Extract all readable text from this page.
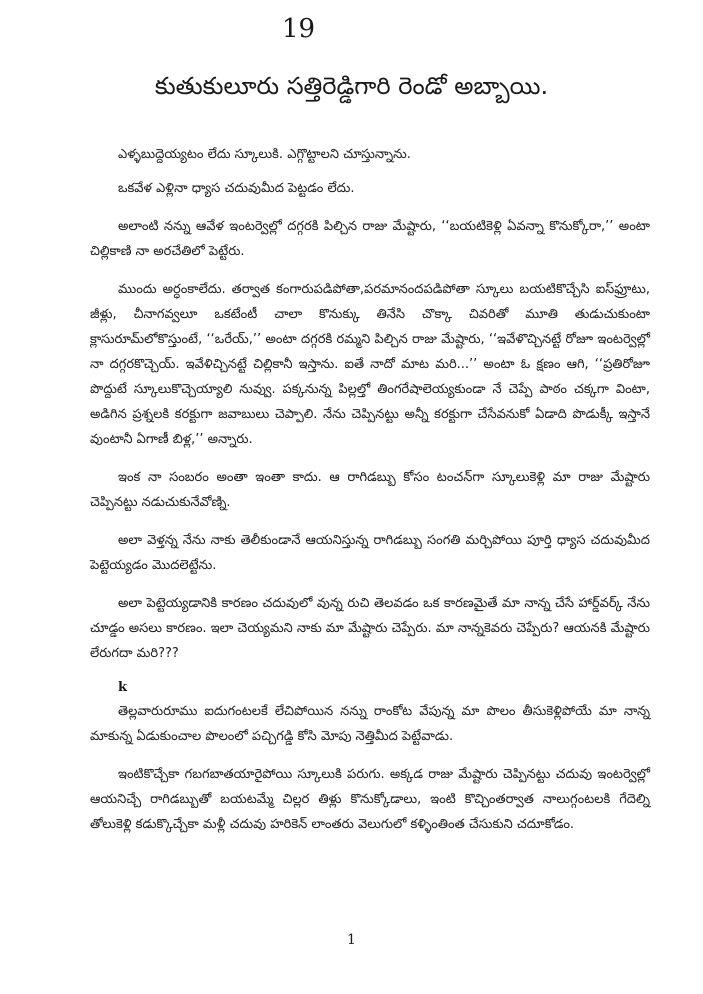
19
కుతుకులూరు సత్తిరెడ్డిగారి రెండో అబ్బాయి.

ఎళ్ళబుద్దెయ్యటం లేదు స్కూలుకి. ఎగ్గొట్టాలని చూస్తున్నాను.

ఒకవేళ ఎళ్లినా ధ్యాస చదువుమీద పెట్టడం లేదు.

అలాంటి నన్ను ఆవేళ ఇంటర్వెల్లో దగ్గరకి పిల్చిన రాజు మేష్టారు, ‘‘బయటికెళ్లి ఏవన్నా కొనుక్కోరా,’’ అంటా చిల్లికాణి నా అరచేతిలో పెట్టేరు.

ముందు అర్ధంకాలేదు. తర్వాత కంగారుపడిపోతా,పరమానందపడిపోతా స్కూలు బయటికొచ్చేసి ఐస్‌ఫ్రూటు, జీళ్లు, చీనాగవ్వలూ ఒకటేంటీ చాలా కొనుక్కు తినేసి చొక్కా చివరితో మూతి తుడుచుకుంటా క్లాసురూమ్‌లోకొస్తుంటే, ‘‘ఒరేయ్,’’ అంటా దగ్గరకి రమ్మని పిల్చిన రాజు మేష్టారు, ‘‘ఇవేళొచ్చినట్టే రోజూ ఇంటర్వెల్లో నా దగ్గరకొచ్చెయ్. ఇవేళిచ్చినట్టే చిల్లికానీ ఇస్తాను. ఐతే నాదో మాట మరి...’’ అంటా ఓ క్షణం ఆగి, ‘‘ప్రతిరోజూ పొద్దుటే స్కూలుకొచ్చెయ్యాలి నువ్వు. పక్కనున్న పిల్లల్తో తింగరేషాలెయ్యకుండా నే చెప్పే పాఠం చక్కగా వింటా, అడిగిన ప్రశ్నలకి కరక్టుగా జవాబులు చెప్పాలి. నేను చెప్పినట్టు అన్నీ కరక్టుగా చేసేవనుకో ఏడాది పొడుక్కీ ఇస్తానే వుంటానీ ఏగాణీ బిళ్ల,’’ అన్నారు.

ఇంక నా సంబరం అంతా ఇంతా కాదు. ఆ రాగిడబ్బు కోసం టంచన్‌గా స్కూలుకెళ్లి మా రాజు మేష్టారు చెప్పినట్టు నడుచుకునేవోణ్ని.

అలా వెళ్తన్న నేను నాకు తెలీకుండానే ఆయనిస్తున్న రాగిడబ్బు సంగతి మర్చిపోయి పూర్తి ధ్యాస చదువుమీద పెట్టెయ్యడం మొదలెట్టేను.

అలా పెట్టెయ్యడానికి కారణం చదువులో వున్న రుచి తెలవడం ఒక కారణమైతే మా నాన్న చేసే హార్డ్‌వర్క్ నేను చూడ్డం అసలు కారణం. ఇలా చెయ్యమని నాకు మా మేష్టారు చెప్పేరు. మా నాన్నకెవరు చెప్పేరు? ఆయనకి మేష్టారు లేరుగదా మరి???

k

తెల్లవారురూము ఐదుగంటలకే లేచిపోయిన నన్ను రాంకోట వేపున్న మా పొలం తీసుకెళ్లిపోయే మా నాన్న మాకున్న ఏడుకుంచాల పొలంలో పచ్చిగడ్డి కోసి మోపు నెత్తిమీద పెట్టేవాడు.

ఇంటికొచ్చేకా గబగబాతయారైపోయి స్కూలుకి పరుగు. అక్కడ రాజు మేష్టారు చెప్పినట్టు చదువు ఇంటర్వెల్లో ఆయనిచ్చే రాగిడబ్బుతో బయటమ్మే చిల్లర తిళ్లు కొనుక్కోడాలు, ఇంటి కొచ్చింతర్వాత నాలుగ్గంటలకి గేదెల్ని తోలుకెళ్లి కడుక్కొచ్చేకా మళ్లీ చదువు హరికెన్ లాంతరు వెలుగులో కళ్ళింతింత చేసుకుని చదూకోడం.

1
